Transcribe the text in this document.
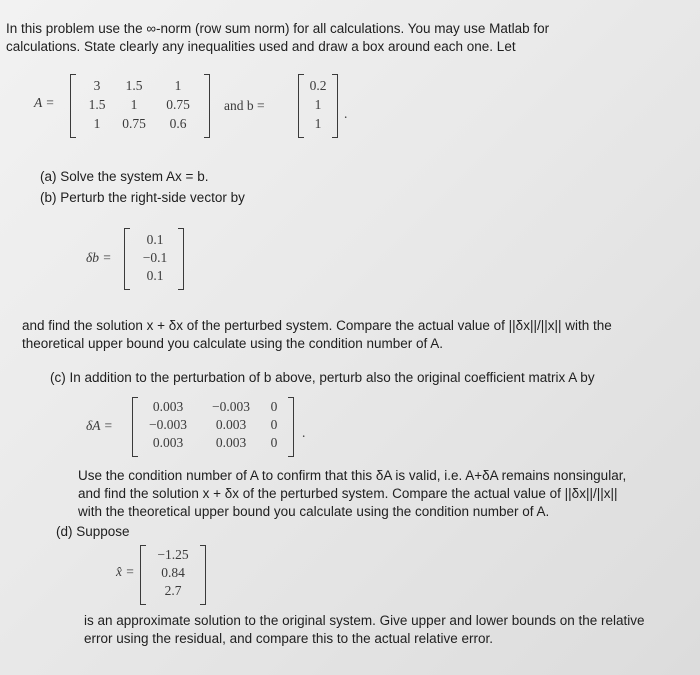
In this problem use the ∞-norm (row sum norm) for all calculations. You may use Matlab for
calculations. State clearly any inequalities used and draw a box around each one. Let
A =
3	1.5	1
1.5	1	0.75
1	0.75	0.6
and b =
0.2
1
1
.
(a) Solve the system Ax = b.
(b) Perturb the right-side vector by
δb =
0.1
−0.1
0.1
and find the solution x + δx of the perturbed system. Compare the actual value of ||δx||/||x|| with the
theoretical upper bound you calculate using the condition number of A.
(c) In addition to the perturbation of b above, perturb also the original coefficient matrix A by
δA =
0.003	−0.003	0
−0.003	0.003	0
0.003	0.003	0
.
Use the condition number of A to confirm that this δA is valid, i.e. A+δA remains nonsingular,
and find the solution x + δx of the perturbed system. Compare the actual value of ||δx||/||x||
with the theoretical upper bound you calculate using the condition number of A.
(d) Suppose
x̂ =
−1.25
0.84
2.7
is an approximate solution to the original system. Give upper and lower bounds on the relative
error using the residual, and compare this to the actual relative error.
